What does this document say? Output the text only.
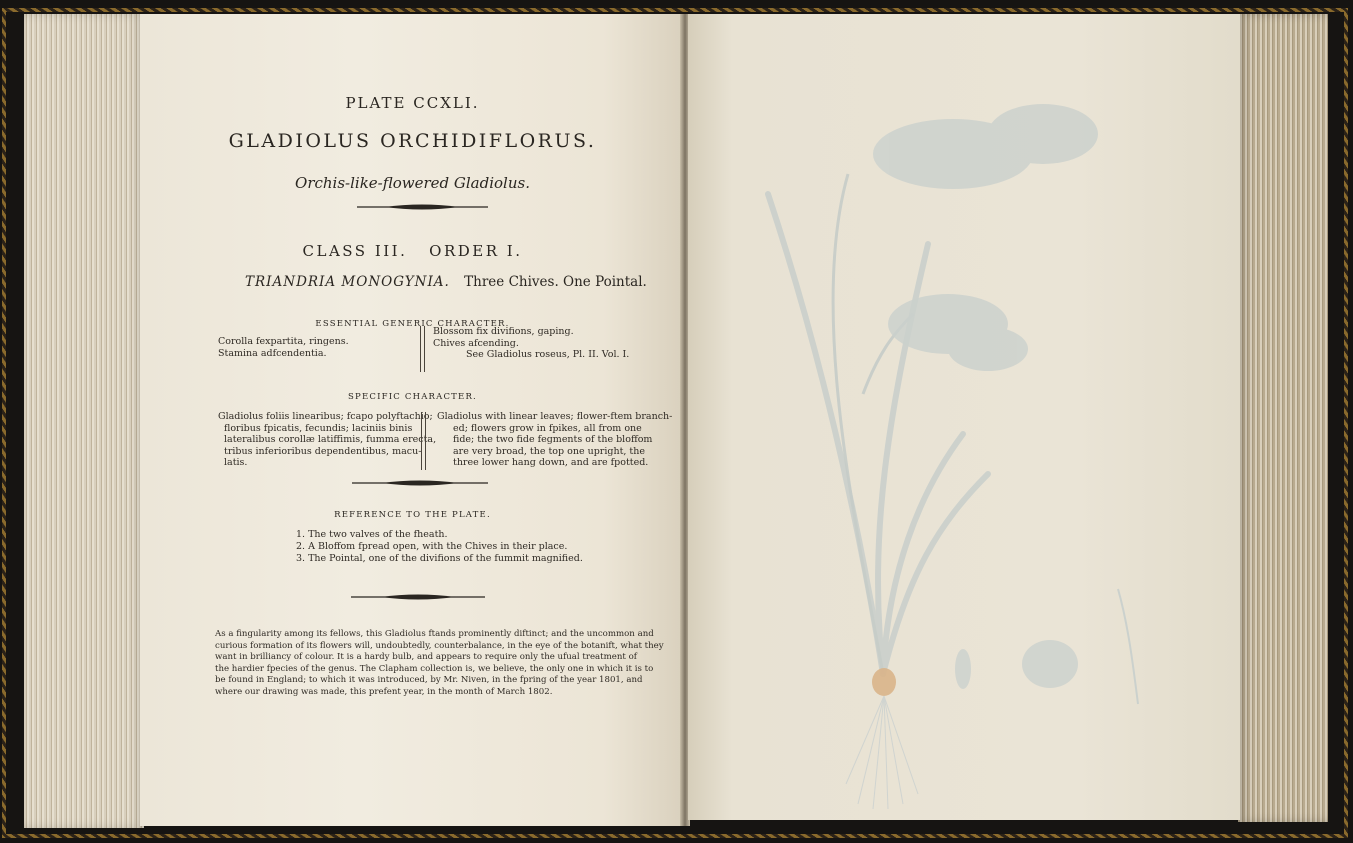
PLATE CCXLI.
GLADIOLUS ORCHIDIFLORUS.
Orchis-like-flowered Gladiolus.
CLASS III.   ORDER I.
TRIANDRIA MONOGYNIA. Three Chives. One Pointal.
ESSENTIAL GENERIC CHARACTER.
Corolla fexpartita, ringens.
Stamina adfcendentia.
Blossom fix divifions, gaping.
Chives afcending.
See Gladiolus roseus, Pl. II. Vol. I.
SPECIFIC CHARACTER.
Gladiolus foliis linearibus; fcapo polyftachio;
floribus fpicatis, fecundis; laciniis binis
lateralibus corollæ latiffimis, fumma erecta,
tribus inferioribus dependentibus, macu-
latis.
Gladiolus with linear leaves; flower-ftem branch-
ed; flowers grow in fpikes, all from one
fide; the two fide fegments of the bloffom
are very broad, the top one upright, the
three lower hang down, and are fpotted.
REFERENCE TO THE PLATE.
1. The two valves of the fheath.
2. A Bloffom fpread open, with the Chives in their place.
3. The Pointal, one of the divifions of the fummit magnified.
As a fingularity among its fellows, this Gladiolus ftands prominently diftinct; and the uncommon and
curious formation of its flowers will, undoubtedly, counterbalance, in the eye of the botanift, what they
want in brilliancy of colour. It is a hardy bulb, and appears to require only the ufual treatment of
the hardier fpecies of the genus. The Clapham collection is, we believe, the only one in which it is to
be found in England; to which it was introduced, by Mr. Niven, in the fpring of the year 1801, and
where our drawing was made, this prefent year, in the month of March 1802.
